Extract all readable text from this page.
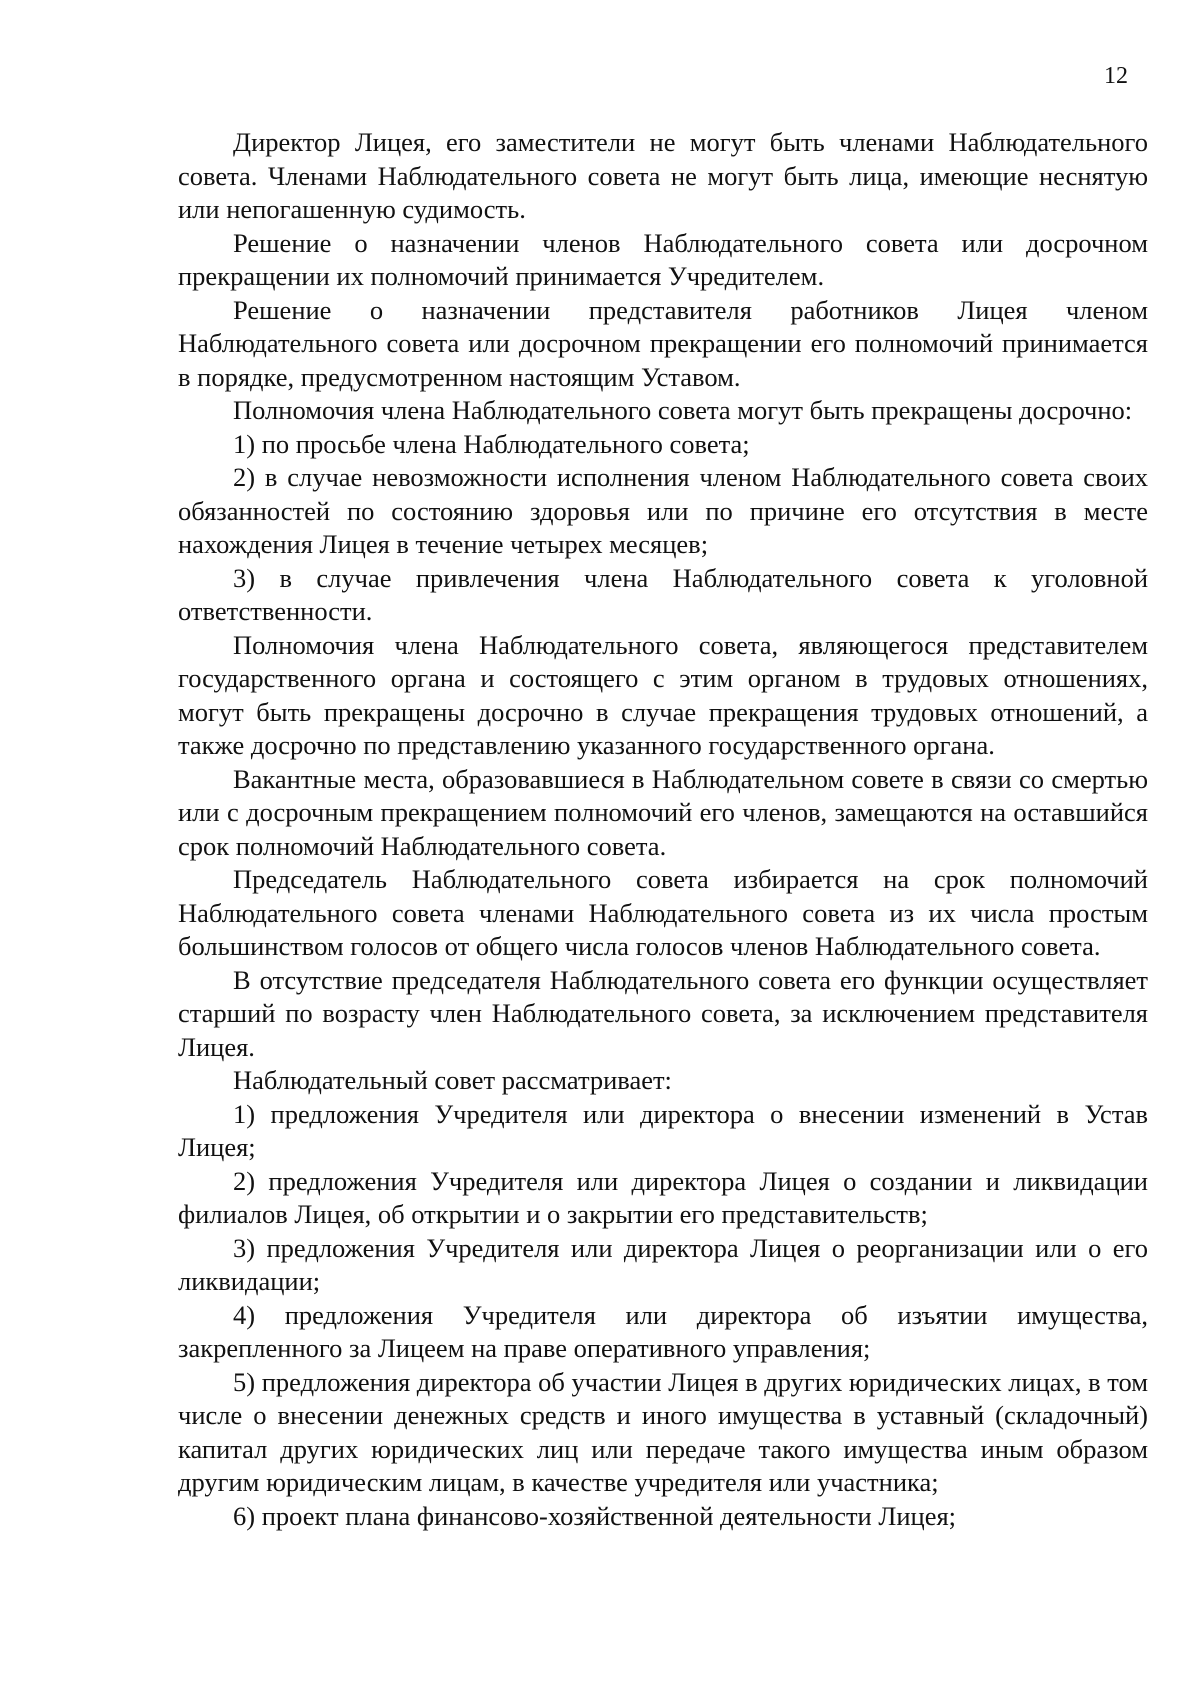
12

Директор Лицея, его заместители не могут быть членами Наблюдательного совета. Членами Наблюдательного совета не могут быть лица, имеющие неснятую или непогашенную судимость.

Решение о назначении членов Наблюдательного совета или досрочном прекращении их полномочий принимается Учредителем.

Решение о назначении представителя работников Лицея членом Наблюдательного совета или досрочном прекращении его полномочий принимается в порядке, предусмотренном настоящим Уставом.

Полномочия члена Наблюдательного совета могут быть прекращены досрочно:

1) по просьбе члена Наблюдательного совета;

2) в случае невозможности исполнения членом Наблюдательного совета своих обязанностей по состоянию здоровья или по причине его отсутствия в месте нахождения Лицея в течение четырех месяцев;

3) в случае привлечения члена Наблюдательного совета к уголовной ответственности.

Полномочия члена Наблюдательного совета, являющегося представителем государственного органа и состоящего с этим органом в трудовых отношениях, могут быть прекращены досрочно в случае прекращения трудовых отношений, а также досрочно по представлению указанного государственного органа.

Вакантные места, образовавшиеся в Наблюдательном совете в связи со смертью или с досрочным прекращением полномочий его членов, замещаются на оставшийся срок полномочий Наблюдательного совета.

Председатель Наблюдательного совета избирается на срок полномочий Наблюдательного совета членами Наблюдательного совета из их числа простым большинством голосов от общего числа голосов членов Наблюдательного совета.

В отсутствие председателя Наблюдательного совета его функции осуществляет старший по возрасту член Наблюдательного совета, за исключением представителя Лицея.

Наблюдательный совет рассматривает:

1) предложения Учредителя или директора о внесении изменений в Устав Лицея;

2) предложения Учредителя или директора Лицея о создании и ликвидации филиалов Лицея, об открытии и о закрытии его представительств;

3) предложения Учредителя или директора Лицея о реорганизации или о его ликвидации;

4) предложения Учредителя или директора об изъятии имущества, закрепленного за Лицеем на праве оперативного управления;

5) предложения директора об участии Лицея в других юридических лицах, в том числе о внесении денежных средств и иного имущества в уставный (складочный) капитал других юридических лиц или передаче такого имущества иным образом другим юридическим лицам, в качестве учредителя или участника;

6) проект плана финансово-хозяйственной деятельности Лицея;
